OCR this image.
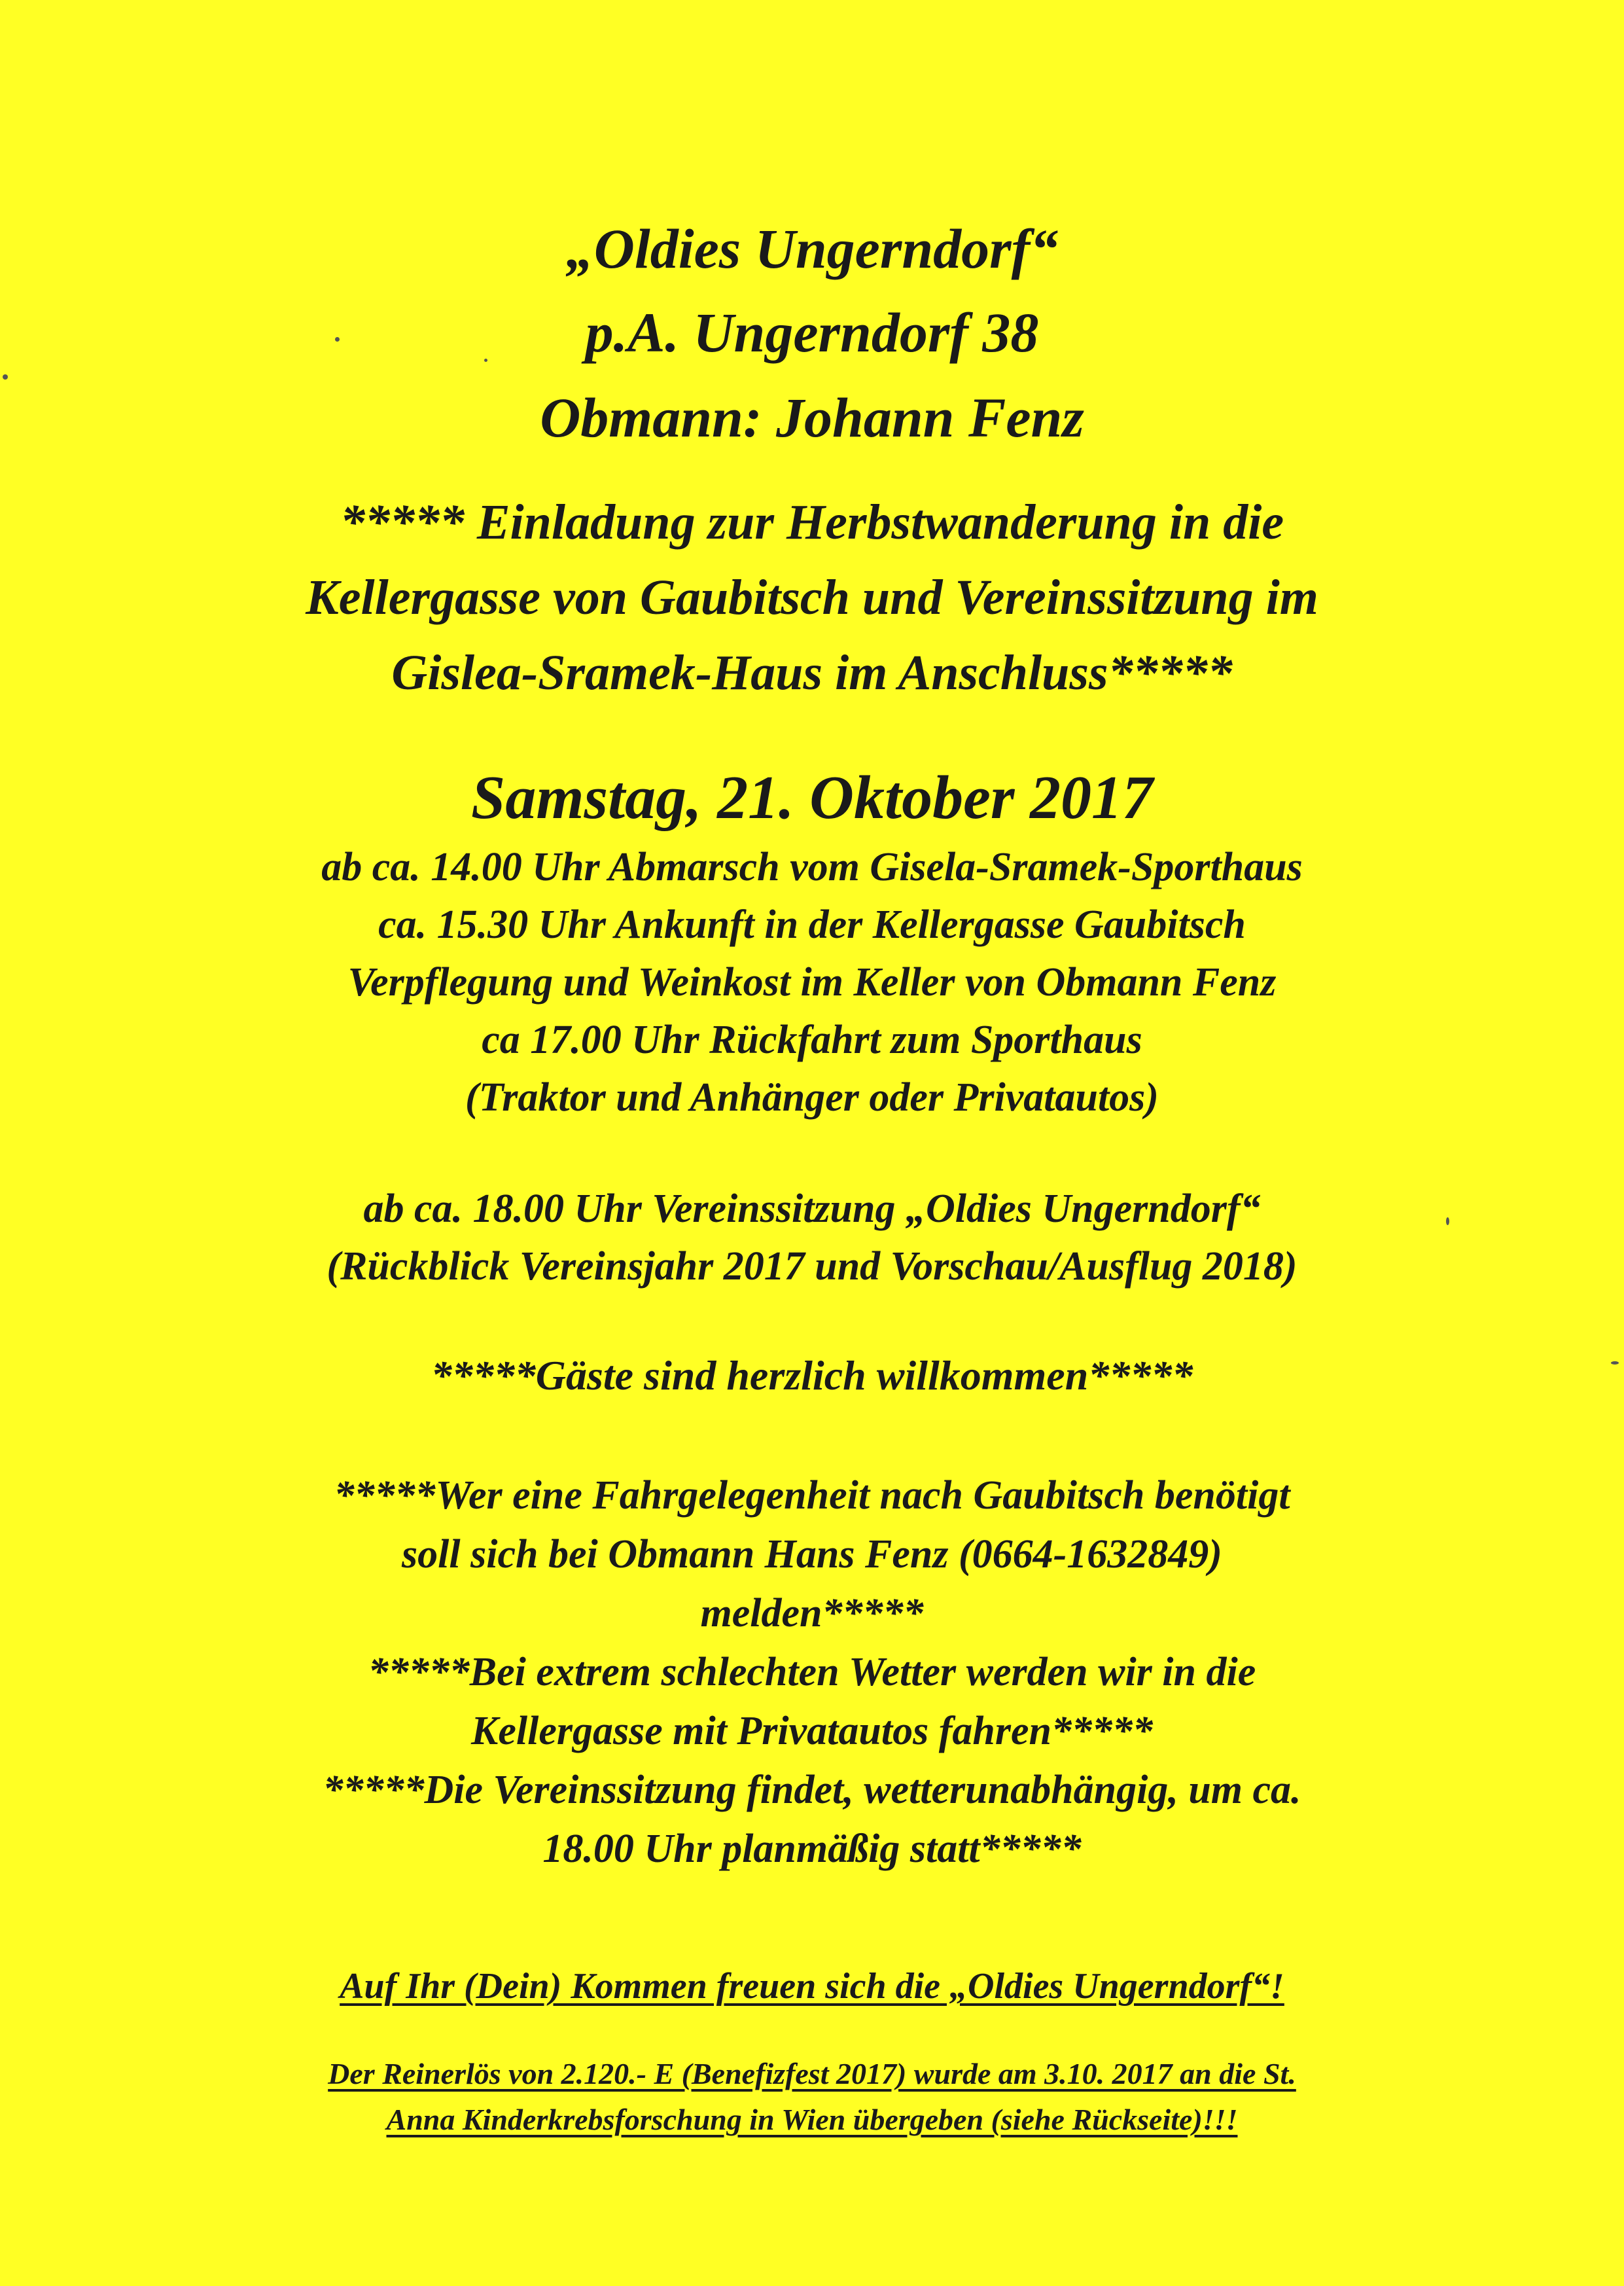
„Oldies Ungerndorf“
p.A. Ungerndorf 38
Obmann: Johann Fenz
***** Einladung zur Herbstwanderung in die
Kellergasse von Gaubitsch und Vereinssitzung im
Gislea-Sramek-Haus im Anschluss*****
Samstag, 21. Oktober 2017
ab ca. 14.00 Uhr Abmarsch vom Gisela-Sramek-Sporthaus
ca. 15.30 Uhr Ankunft in der Kellergasse Gaubitsch
Verpflegung und Weinkost im Keller von Obmann Fenz
ca 17.00 Uhr Rückfahrt zum Sporthaus
(Traktor und Anhänger oder Privatautos)
ab ca. 18.00 Uhr Vereinssitzung „Oldies Ungerndorf“
(Rückblick Vereinsjahr 2017 und Vorschau/Ausflug 2018)
*****Gäste sind herzlich willkommen*****
*****Wer eine Fahrgelegenheit nach Gaubitsch benötigt
soll sich bei Obmann Hans Fenz (0664-1632849)
melden*****
*****Bei extrem schlechten Wetter werden wir in die
Kellergasse mit Privatautos fahren*****
*****Die Vereinssitzung findet, wetterunabhängig, um ca.
18.00 Uhr planmäßig statt*****
Auf Ihr (Dein) Kommen freuen sich die „Oldies Ungerndorf“!
Der Reinerlös von 2.120.- E (Benefizfest 2017) wurde am 3.10. 2017 an die St.
Anna Kinderkrebsforschung in Wien übergeben (siehe Rückseite)!!!
